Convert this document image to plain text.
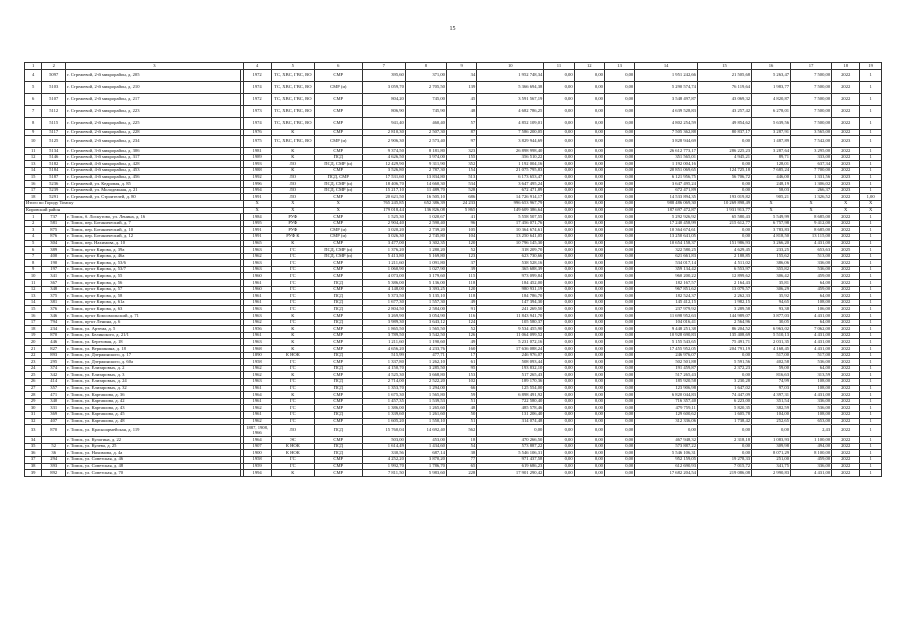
15
1	2	3		4	5	6	7	8	9	10	11	12	13	14	15	16	17	18	19
4	5097	г. Стрежевой, 2-й микрорайон, д. 205		1972	ТС, ХВС, ГВС, ВО	СМР	395,60	371,00	34	1 952 748,34	0,00	0,00	0,00	1 951 242,66	21 505,68	5 263,47	7 500,00	2022	1
5	5103	г. Стрежевой, 2-й микрорайон, д. 210		1974	ТС, ХВС, ГВС, ВО	СМР (и)	3 059,70	2 705,50	139	5 366 694,38	0,00	0,00	0,00	5 290 574,74	76 119,64	1 983,77	7 500,00	2022	1
6	5107	г. Стрежевой, 2-й микрорайон, д. 217		1972	ТС, ХВС, ГВС, ВО	СМР	804,20	745,00	45	3 591 567,19	0,00	0,00	0,00	3 548 497,87	43 069,32	4 820,87	7 500,00	2022	1
7	5112	г. Стрежевой, 2-й микрорайон, д. 223		1973	ТС, ХВС, ГВС, ВО	СМР	806,90	745,90	48	4 682 786,25	0,00	0,00	0,00	4 639 528,83	43 257,42	6 278,01	7 500,00	2022	1
8	5115	г. Стрежевой, 2-й микрорайон, д. 225		1974	ТС, ХВС, ГВС, ВО	СМР	941,40	460,40	57	4 852 109,01	0,00	0,00	0,00	4 802 254,59	49 854,62	5 639,56	7 500,00	2022	1
9	5117	г. Стрежевой, 2-й микрорайон, д. 228		1976	К	СМР	2 810,30	2 507,30	87	7 586 200,05	0,00	0,00	0,00	7 505 362,88	80 837,17	3 287,91	3 565,00	2022	1
10	5125	г. Стрежевой, 2-й микрорайон, д. 234		1975	ТС, ХВС, ГВС, ВО	СМР (и)	2 906,30	2 573,40	97	3 829 944,69	0,00	0,00	0,00	3 828 944,69	0,00	1 487,89	7 542,00	2023	1
11	5134	г. Стрежевой, 3-й микрорайон, д. 306		1981	К	СМР	9 374,50	8 181,80	323	26 898 998,40	0,00	0,00	0,00	26 612 773,17	286 225,23	3 287,64	3 295,00	2022	1
12	5146	г. Стрежевой, 3-й микрорайон, д. 317		1989	К	ПСД	4 626,50	3 974,00	155	356 510,22	0,00	0,00	0,00	351 565,01	4 945,21	89,71	333,00	2022	1
13	5182	г. Стрежевой, 4-й микрорайон, д. 428		1993	ЛО	ПСД, СМР (и)	12 429,90	9 311,90	352	1 192 004,16	0,00	0,00	0,00	1 192 004,16	0,00	128,01	637,34	2023	1
14	5184	г. Стрежевой, 4-й микрорайон, д. 453		1988	К	СМР	3 526,80	2 787,30	154	21 075 795,83	0,00	0,00	0,00	20 851 069,65	124 725,18	7 685,24	7 700,00	2022	1
15	5187	г. Стрежевой, 4-й микрорайон, д. 456		1992	ЛО	ПСД, СМР	17 531,60	13 834,80	513	6 173 653,47	0,00	0,00	0,00	6 121 956,75	56 706,72	446,00	1 331,56	2023	1
16	5236	г. Стрежевой, ул. Кедровая, д. 85		1996	ЛО	ПСД, СМР (и)	18 406,70	14 660,30	534	3 647 495,24	0,00	0,00	0,00	3 647 495,24	0,00	248,19	1 306,02	2023	1
17	5239	г. Стрежевой, ул. Молодежная, д. 21		1994	ЛО	ПСД, СМР (и)	15 217,10	11 489,70	528	672 471,89	0,00	0,00	0,00	672 471,89	0,00	58,03	266,37	2023	1
18	5291	г. Стрежевой, ул. Строителей, д. 80		1991	ЛО	СМР	20 621,50	16 505,10	686	14 726 914,17	0,00	0,00	0,00	14 533 894,35	193 019,82	905,21	1 326,52	2022	1,00
Итого по Городу Томску				X	X	X	765 245,85	652 386,39	24 233	996 653 967,79	0,00	0,00	0,00	988 486 069,30	10 269 898,49	X	X	X	X
Кировский район				X	X	X	179 018,44	136 826,08	5 865	149 609 386,64	0,00	0,00	0,00	187 697 472,87	1 931 913,77	X	X	X	X
1	737	г. Томск, б. Лоскутово, ул. Ленина, д. 16		1984	РУФ	СМР	1 525,30	1 020,67	41	5 558 507,55	0,00	0,00	0,00	5 292 926,92	65 580,43	5 549,99	8 685,00	2022	1
2	581	г. Томск, пер. Ботанический, д. 7		1995	РУФ	СМР	2 904,40	2 590,40	96	17 456 071,76	0,00	0,00	0,00	17 240 458,99	215 612,77	6 757,98	9 412,00	2022	1
3	875	г. Томск, пер. Ботанический, д. 10		1991	РУФ	СМР (и)	3 020,20	2 739,20	105	10 364 674,61	0,00	0,00	0,00	10 364 674,61	0,00	3 783,83	8 685,00	2022	1
4	876	г. Томск, пер. Ботанический, д. 12		1991	РУФ К	СМР (и)	3 026,30	2 745,80	104	13 250 641,05	0,00	0,00	0,00	13 250 641,05	0,00	4 818,50	13 115,00	2022	1
5	304	г. Томск, пер. Нахимова, д. 10		1965	К	СМР	3 477,00	3 302,35	120	10 796 145,30	0,00	0,00	0,00	10 654 158,37	151 986,93	3 266,20	4 431,00	2022	1
6	389	г. Томск, пр-кт Кирова, д. 39а		1963	ГС	ПСД, СМР (и)	1 376,20	1 280,20	52	318 209,70	0,00	0,00	0,00	322 580,25	4 629,45	233,25	653,63	2025	1
7	400	г. Томск, пр-кт Кирова, д. 46а		1962	ГС	ПСД, СМР (и)	5 413,80	5 169,80	123	623 730,66	0,00	0,00	0,00	621 661,83	2 188,85	155,62	513,00	2022	1
8	190	г. Томск, пр-кт Кирова, д. 53/6		1963	ГС	СМР	1 211,60	1 091,80	37	538 528,16	0,00	0,00	0,00	534 017,14	4 511,02	386,06	336,00	2022	1
9	197	г. Томск, пр-кт Кирова, д. 53/7		1963	ГС	СМР	1 060,90	1 027,90	39	365 688,39	0,00	0,00	0,00	359 134,42	6 553,97	355,82	536,00	2022	1
10	341	г. Томск, пр-кт Кирова, д. 55		1960	ГС	СМР	4 073,00	3 179,60	115	973 099,84	0,00	0,00	0,00	960 200,22	12 899,62	306,42	459,00	2022	1
11	367	г. Томск, пр-кт Кирова, д. 56		1961	ГС	ПСД	5 386,00	5 136,00	118	184 452,00	0,00	0,00	0,00	182 167,57	2 164,43	35,81	64,00	2022	1
12	348	г. Томск, пр-кт Кирова, д. 57		1960	ГС	СМР	4 148,00	3 393,25	120	980 931,19	0,00	0,00	0,00	967 851,62	13 079,57	306,29	459,00	2022	1
13	375	г. Томск, пр-кт Кирова, д. 58		1961	ГС	ПСД	5 373,50	5 135,10	118	184 786,70	0,00	0,00	0,00	182 524,37	2 262,33	35,92	64,00	2022	1
14	381	г. Томск, пр-кт Кирова, д. 61а		1961	ГС	ПСД	1 677,30	1 557,30	49	147 394,30	0,00	0,00	0,00	145 412,15	1 982,15	94,65	108,00	2022	1
15	376	г. Томск, пр-кт Кирова, д. 63		1963	ГС	ПСД	2 804,50	2 584,00	91	241 269,50	0,00	0,00	0,00	237 979,92	3 289,58	93,38	106,00	2022	1
16	346	г. Томск, пр-кт Комсомольский, д. 71		1963	К	СМР	3 269,90	3 054,90	116	11 843 941,70	0,00	0,00	0,00	11 698 952,63	144 989,07	3 877,03	4 431,00	2022	1
17	794	г. Томск, пр-кт Ленина, д. 6		1962	ГС	ПСД	3 989,30	3 643,12	124	105 580,37	0,00	0,00	0,00	104 016,41	2 564,96	30,05	64,00	2022	1
18	234	г. Томск, ул. Артема, д. 5		1956	К	СМР	1 865,50	1 565,50	52	9 534 455,90	0,00	0,00	0,00	9 448 251,38	86 204,52	6 963,02	7 062,00	2022	1
19	870	г. Томск, ул. Белинского, д. 21/1		1961	К	СМР	3 789,50	3 542,50	126	11 064 099,52	0,00	0,00	0,00	10 928 690,83	135 408,69	5 510,13	4 431,00	2022	1
20	446	г. Томск, ул. Березовая, д. 18		1963	К	СМР	1 211,60	1 190,60	49	5 231 072,16	0,00	0,00	0,00	5 155 543,65	75 491,71	2 031,35	4 431,00	2022	1
21	827	г. Томск, ул. Вершинина, д. 18		1968	К	СМР	4 656,20	4 233,76	160	17 636 088,24	0,00	0,00	0,00	17 455 952,05	204 791,19	4 168,45	4 431,00	2022	1
22	893	г. Томск, ул. Дзержинского, д. 17		1890	К НОК	ПСД	515,99	477,71	17	246 976,07	0,00	0,00	0,00	246 976,07	0,00	517,00	517,00	2022	1
23	295	г. Томск, ул. Дзержинского, д. 60а		1958	ГС	СМР	1 337,80	1 262,10	61	508 093,44	0,00	0,00	0,00	502 501,88	5 591,56	402,58	536,00	2022	1
24	374	г. Томск, ул. Елизаровых, д. 2		1962	ГС	ПСД	4 150,70	3 285,50	95	193 832,10	0,00	0,00	0,00	191 459,87	2 372,23	59,00	64,00	2022	1
25	342	г. Томск, ул. Елизаровых, д. 3		1962	К	СМР	4 525,30	3 668,80	153	517 265,43	0,00	0,00	0,00	517 265,43	0,00	816,63	313,59	2022	1
26	414	г. Томск, ул. Елизаровых, д. 24		1963	ГС	ПСД	2 714,00	2 522,20	102	189 170,36	0,00	0,00	0,00	185 920,58	3 230,28	74,99	108,00	2022	1
27	357	г. Томск, ул. Елизаровых, д. 32		1961	ГС	ПСД	1 353,70	1 294,00	66	125 554,00	0,00	0,00	0,00	123 906,98	1 647,02	97,03	108,00	2022	1
28	471	г. Томск, ул. Карташова, д. 36		1964	К	СМР	1 675,30	1 565,80	59	6 898 491,92	0,00	0,00	0,00	6 820 044,83	74 447,09	4 397,31	4 431,00	2022	1
29	340	г. Томск, ул. Карташова, д. 42		1961	ГС	СМР	1 457,35	1 539,53	51	722 580,40	0,00	0,00	0,00	716 357,40	6 223,00	351,54	336,00	2022	1
30	331	г. Томск, ул. Карташова, д. 43		1962	ГС	СМР	1 386,00	1 265,60	48	485 578,46	0,00	0,00	0,00	479 759,11	5 820,35	382,59	536,00	2022	1
31	369	г. Томск, ул. Карташова, д. 45		1961	ГС	ПСД	1 339,60	1 261,60	50	131 206,40	0,00	0,00	0,00	129 600,62	1 605,78	104,00	108,00	2022	1
32	407	г. Томск, ул. Карташова, д. 48		1962	ГС	СМР	1 605,20	1 550,10	51	314 074,48	0,00	0,00	0,00	312 336,06	1 738,42	252,65	653,00	2022	1
33	870	г. Томск, ул. Красноармейская, д. 119		1887, 1908, 1966	ЛО	ПСД	15 760,04	14 692,40	562	0,00	0,00	0,00	0,00	0,00	0,00	0,00	2,43	2022	1
34		г. Томск, ул. Кулагина, д. 22		1964	ЭС	СМР	503,00	453,00	18	470 266,50	0,00	0,00	0,00	467 948,32	2 318,18	1 083,93	1 100,00	2022	1
35	52	г. Томск, ул. Кулева, д. 25		1907	К НОК	ПСД	1 614,49	1 434,60	54	573 887,22	0,00	0,00	0,00	573 887,22	0,00	309,98	494,00	2022	1
36	36	г. Томск, ул. Нахимова, д. 4а		1900	К НОК	ПСД	330,56	687,14	38	5 546 106,31	0,00	0,00	0,00	5 546 106,31	0,00	8 071,29	8 100,00	2022	1
37	294	г. Томск, ул. Советская, д. 46		1958	ГС	СМР	4 252,20	3 870,20	77	971 437,58	0,00	0,00	0,00	952 159,05	19 278,33	251,00	459,00	2022	1
38	393	г. Томск, ул. Советская, д. 48		1959	ГС	СМР	1 992,70	1 786,70	65	619 686,23	0,00	0,00	0,00	612 690,93	7 015,72	341,75	336,00	2022	1
39	892	г. Томск, ул. Советская, д. 70		1994	К	СМР	7 811,50	5 983,60	228	17 901 290,42	0,00	0,00	0,00	17 682 204,54	219 086,08	2 990,83	4 431,00	2022	1
